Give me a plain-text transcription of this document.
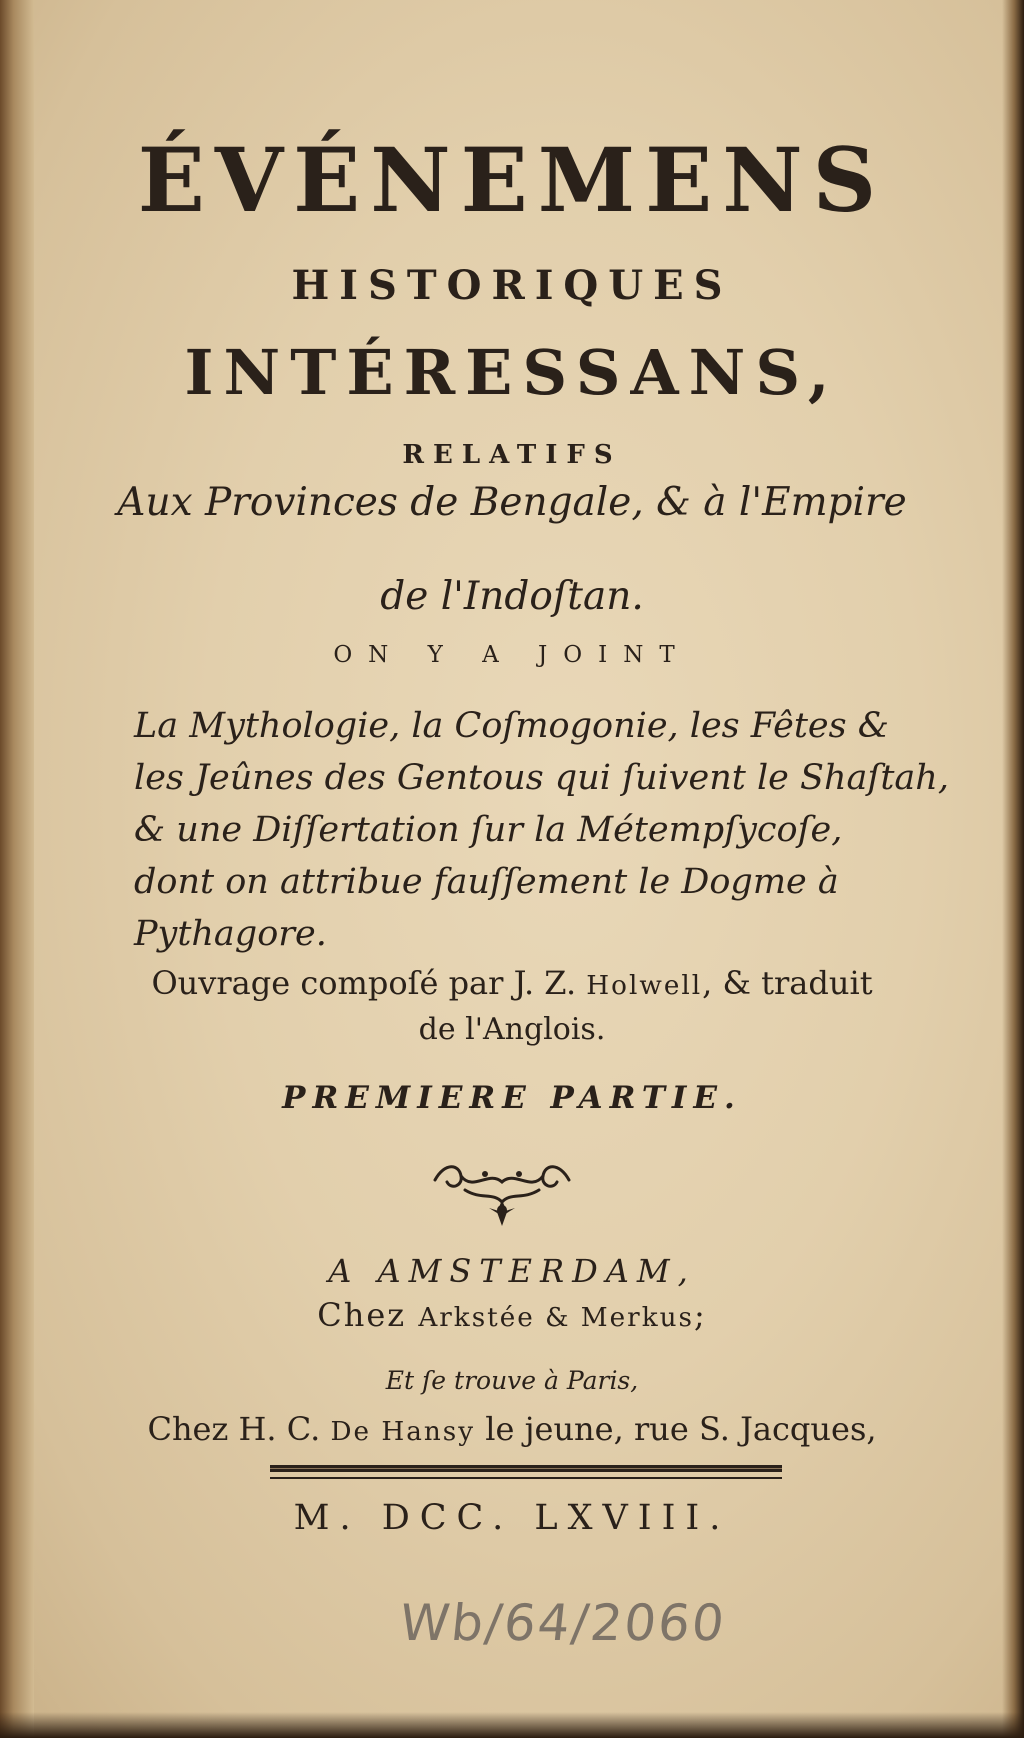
ÉVÉNEMENS
HISTORIQUES
INTÉRESSANS,
RELATIFS
Aux Provinces de Bengale, & à l'Empire
de l'Indoſtan.
ON Y A JOINT
La Mythologie, la Coſmogonie, les Fêtes &
les Jeûnes des Gentous qui ſuivent le Shaſtah,
& une Diſſertation ſur la Métempſycoſe,
dont on attribue fauſſement le Dogme à
Pythagore.
Ouvrage compoſé par J. Z. Holwell, & traduit
de l'Anglois.
PREMIERE PARTIE.
A AMSTERDAM,
Chez Arkstée & Merkus;
Et ſe trouve à Paris,
Chez H. C. De Hansy le jeune, rue S. Jacques,
M. DCC. LXVIII.
Wb/64/2060
